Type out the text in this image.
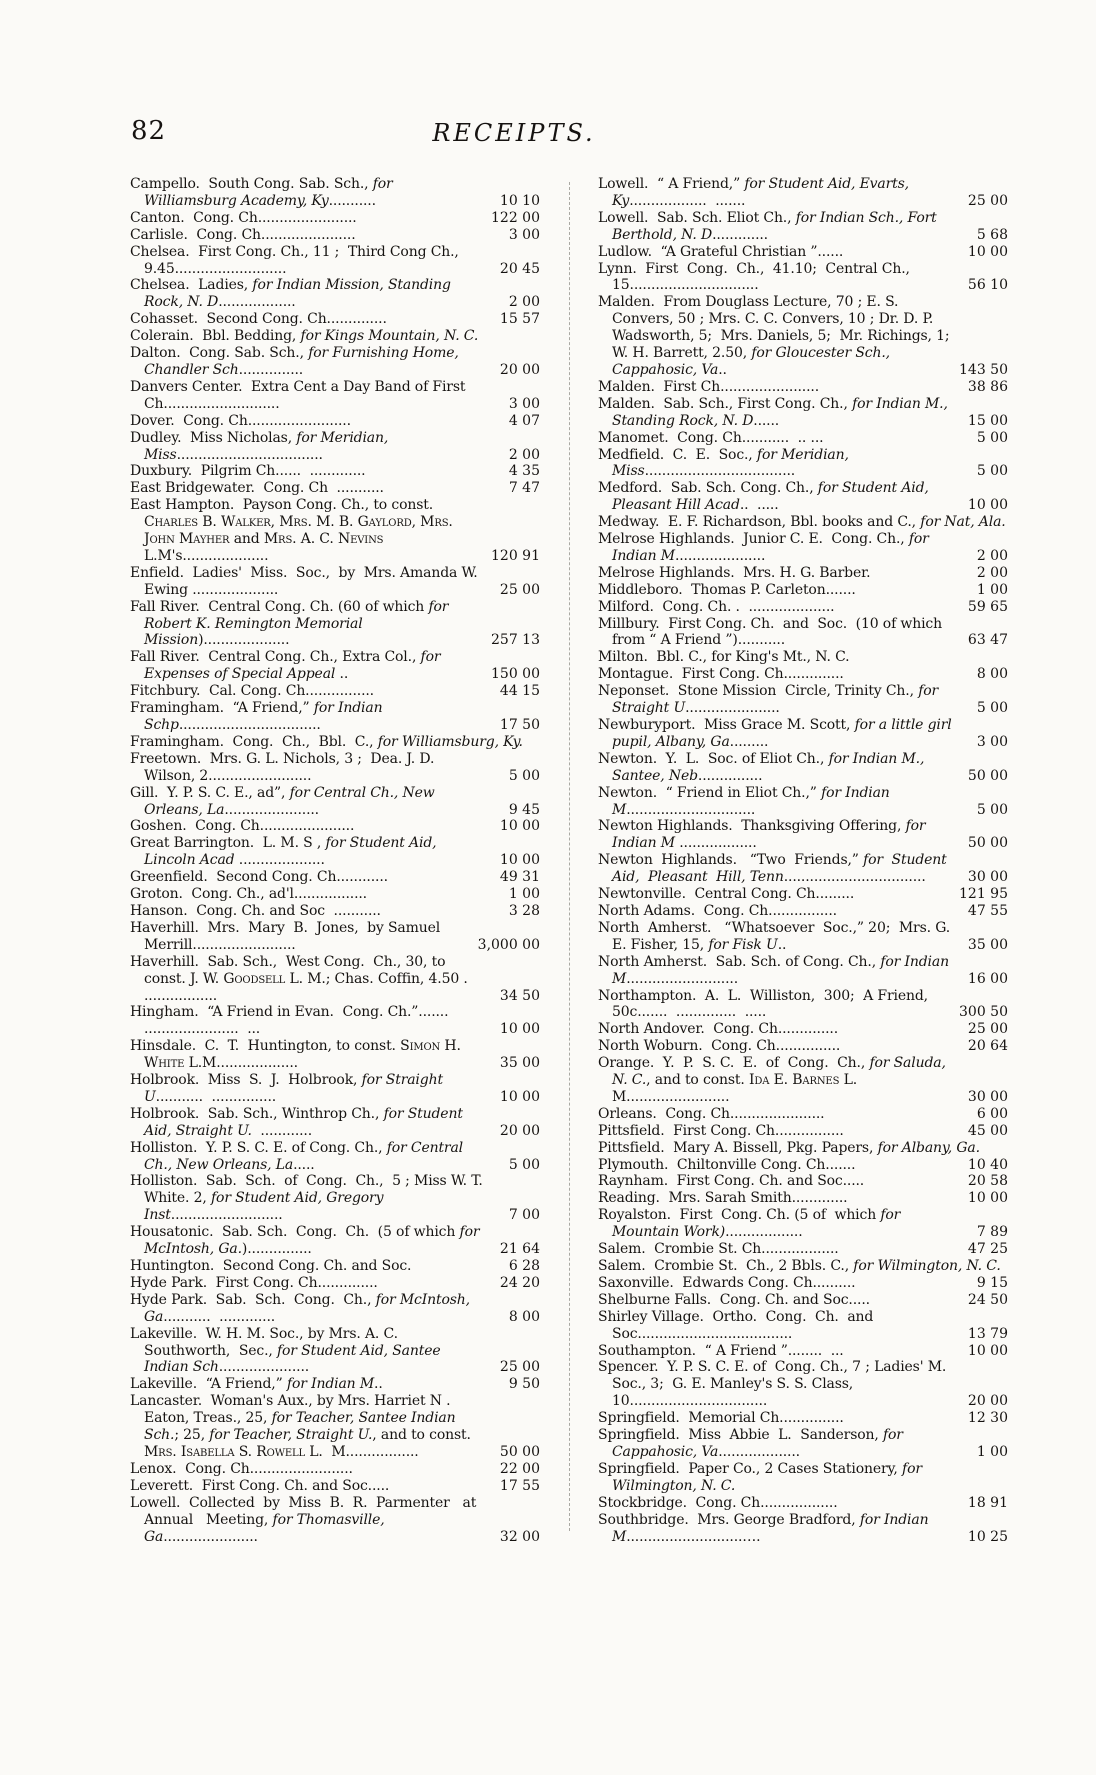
82	RECEIPTS.
Campello.  South Cong. Sab. Sch., for Williamsburg Academy, Ky...........	10 10
Canton.  Cong. Ch.......................	122 00
Carlisle.  Cong. Ch......................	3 00
Chelsea.  First Cong. Ch., 11 ;  Third Cong Ch., 9.45..........................	20 45
Chelsea.  Ladies, for Indian Mission, Standing Rock, N. D..................	2 00
Cohasset.  Second Cong. Ch..............	15 57
Colerain.  Bbl. Bedding, for Kings Mountain, N. C.
Dalton.  Cong. Sab. Sch., for Furnishing Home, Chandler Sch...............	20 00
Danvers Center.  Extra Cent a Day Band of First Ch...........................	3 00
Dover.  Cong. Ch........................	4 07
Dudley.  Miss Nicholas, for Meridian, Miss..................................	2 00
Duxbury.  Pilgrim Ch......  .............	4 35
East Bridgewater.  Cong. Ch  ...........	7 47
East Hampton.  Payson Cong. Ch., to const. Charles B. Walker, Mrs. M. B. Gaylord, Mrs. John Mayher and Mrs. A. C. Nevins L.M's....................	120 91
Enfield.  Ladies'  Miss.  Soc.,  by  Mrs. Amanda W. Ewing ....................	25 00
Fall River.  Central Cong. Ch. (60 of which for Robert K. Remington Memorial Mission)....................	257 13
Fall River.  Central Cong. Ch., Extra Col., for Expenses of Special Appeal ..	150 00
Fitchbury.  Cal. Cong. Ch................	44 15
Framingham.  “A Friend,” for Indian Schp.................................	17 50
Framingham.  Cong.  Ch.,  Bbl.  C., for Williamsburg, Ky.
Freetown.  Mrs. G. L. Nichols, 3 ;  Dea. J. D. Wilson, 2........................	5 00
Gill.  Y. P. S. C. E., ad”, for Central Ch., New Orleans, La......................	9 45
Goshen.  Cong. Ch......................	10 00
Great Barrington.  L. M. S , for Student Aid, Lincoln Acad ....................	10 00
Greenfield.  Second Cong. Ch............	49 31
Groton.  Cong. Ch., ad'l.................	1 00
Hanson.  Cong. Ch. and Soc  ...........	3 28
Haverhill.  Mrs.  Mary  B.  Jones,  by Samuel Merrill........................	3,000 00
Haverhill.  Sab. Sch.,  West Cong.  Ch., 30, to const. J. W. Goodsell L. M.; Chas. Coffin, 4.50 .  .................	34 50
Hingham.  “A Friend in Evan.  Cong. Ch.”.......  ......................  ...	10 00
Hinsdale.  C.  T.  Huntington, to const. Simon H. White L.M...................	35 00
Holbrook.  Miss  S.  J.  Holbrook, for Straight U...........  ...............	10 00
Holbrook.  Sab. Sch., Winthrop Ch., for Student Aid, Straight U.  ............	20 00
Holliston.  Y. P. S. C. E. of Cong. Ch., for Central Ch., New Orleans, La.....	5 00
Holliston.  Sab.  Sch.  of  Cong.  Ch.,  5 ; Miss W. T. White. 2, for Student Aid, Gregory Inst..........................	7 00
Housatonic.  Sab. Sch.  Cong.  Ch.  (5 of which for McIntosh, Ga.)...............	21 64
Huntington.  Second Cong. Ch. and Soc.	6 28
Hyde Park.  First Cong. Ch..............	24 20
Hyde Park.  Sab.  Sch.  Cong.  Ch., for McIntosh, Ga...........  .............	8 00
Lakeville.  W. H. M. Soc., by Mrs. A. C. Southworth,  Sec., for Student Aid, Santee Indian Sch.....................	25 00
Lakeville.  “A Friend,” for Indian M..	9 50
Lancaster.  Woman's Aux., by Mrs. Harriet N . Eaton, Treas., 25, for Teacher, Santee Indian Sch.; 25, for Teacher, Straight U., and to const. Mrs. Isabella S. Rowell L.  M.................	50 00
Lenox.  Cong. Ch........................	22 00
Leverett.  First Cong. Ch. and Soc.....	17 55
Lowell.  Collected  by  Miss  B.  R.  Parmenter   at   Annual   Meeting, for Thomasville, Ga......................	32 00
Lowell.  “ A Friend,” for Student Aid, Evarts, Ky..................  .......	25 00
Lowell.  Sab. Sch. Eliot Ch., for Indian Sch., Fort Berthold, N. D.............	5 68
Ludlow.  “A Grateful Christian ”......	10 00
Lynn.  First  Cong.  Ch.,  41.10;  Central Ch., 15..............................	56 10
Malden.  From Douglass Lecture, 70 ; E. S. Convers, 50 ; Mrs. C. C. Convers, 10 ; Dr. D. P. Wadsworth, 5;  Mrs. Daniels, 5;  Mr. Richings, 1;  W. H. Barrett, 2.50, for Gloucester Sch., Cappahosic, Va..	143 50
Malden.  First Ch.......................	38 86
Malden.  Sab. Sch., First Cong. Ch., for Indian M., Standing Rock, N. D......	15 00
Manomet.  Cong. Ch...........  .. ...	5 00
Medfield.  C.  E.  Soc., for Meridian, Miss...................................	5 00
Medford.  Sab. Sch. Cong. Ch., for Student Aid, Pleasant Hill Acad..  .....	10 00
Medway.  E. F. Richardson, Bbl. books and C., for Nat, Ala.
Melrose Highlands.  Junior C. E.  Cong. Ch., for Indian M.....................	2 00
Melrose Highlands.  Mrs. H. G. Barber.	2 00
Middleboro.  Thomas P. Carleton.......	1 00
Milford.  Cong. Ch. .  ....................	59 65
Millbury.  First Cong. Ch.  and  Soc.  (10 of which from “ A Friend ”)...........	63 47
Milton.  Bbl. C., for King's Mt., N. C.
Montague.  First Cong. Ch..............	8 00
Neponset.  Stone Mission  Circle, Trinity Ch., for Straight U......................	5 00
Newburyport.  Miss Grace M. Scott, for a little girl pupil, Albany, Ga.........	3 00
Newton.  Y.  L.  Soc. of Eliot Ch., for Indian M., Santee, Neb...............	50 00
Newton.  “ Friend in Eliot Ch.,” for Indian M..............................	5 00
Newton Highlands.  Thanksgiving Offering, for Indian M ..................	50 00
Newton  Highlands.   “Two  Friends,” for  Student  Aid,  Pleasant  Hill, Tenn.................................	30 00
Newtonville.  Central Cong. Ch.........	121 95
North Adams.  Cong. Ch................	47 55
North  Amherst.   “Whatsoever  Soc.,” 20;  Mrs. G. E. Fisher, 15, for Fisk U..	35 00
North Amherst.  Sab. Sch. of Cong. Ch., for Indian M..........................	16 00
Northampton.  A.  L.  Williston,  300;  A Friend, 50c.......  ..............  .....	300 50
North Andover.  Cong. Ch..............	25 00
North Woburn.  Cong. Ch...............	20 64
Orange.  Y.  P.  S. C.  E.  of  Cong.  Ch., for Saluda, N. C., and to const. Ida E. Barnes L. M........................	30 00
Orleans.  Cong. Ch......................	6 00
Pittsfield.  First Cong. Ch................	45 00
Pittsfield.  Mary A. Bissell, Pkg. Papers, for Albany, Ga.
Plymouth.  Chiltonville Cong. Ch.......	10 40
Raynham.  First Cong. Ch. and Soc.....	20 58
Reading.  Mrs. Sarah Smith.............	10 00
Royalston.  First  Cong. Ch. (5 of  which for Mountain Work)..................	7 89
Salem.  Crombie St. Ch..................	47 25
Salem.  Crombie St.  Ch., 2 Bbls. C., for Wilmington, N. C.
Saxonville.  Edwards Cong. Ch..........	9 15
Shelburne Falls.  Cong. Ch. and Soc.....	24 50
Shirley Village.  Ortho.  Cong.  Ch.  and Soc....................................	13 79
Southampton.  “ A Friend ”........  ...	10 00
Spencer.  Y. P. S. C. E. of  Cong. Ch., 7 ; Ladies' M. Soc., 3;  G. E. Manley's S. S. Class, 10................................	20 00
Springfield.  Memorial Ch...............	12 30
Springfield.  Miss  Abbie  L.  Sanderson, for Cappahosic, Va...................	1 00
Springfield.  Paper Co., 2 Cases Stationery, for Wilmington, N. C.
Stockbridge.  Cong. Ch..................	18 91
Southbridge.  Mrs. George Bradford, for Indian M...........................….	10 25
